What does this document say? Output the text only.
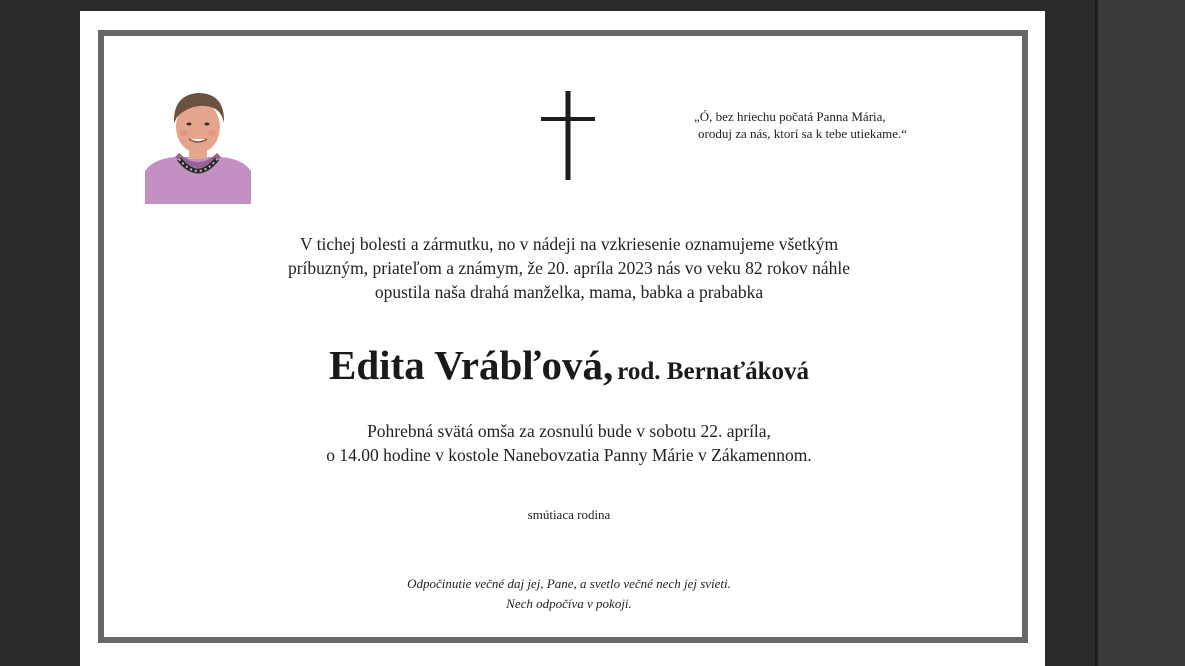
„Ó, bez hriechu počatá Panna Mária,
oroduj za nás, ktorí sa k tebe utiekame.“
V tichej bolesti a zármutku, no v nádeji na vzkriesenie oznamujeme všetkým
príbuzným, priateľom a známym, že 20. apríla 2023 nás vo veku 82 rokov náhle
opustila naša drahá manželka, mama, babka a prababka
Edita Vrábľová, rod. Bernaťáková
Pohrebná svätá omša za zosnulú bude v sobotu 22. apríla,
o 14.00 hodine v kostole Nanebovzatia Panny Márie v Zákamennom.
smútiaca rodina
Odpočinutie večné daj jej, Pane, a svetlo večné nech jej svieti.
Nech odpočíva v pokoji.
